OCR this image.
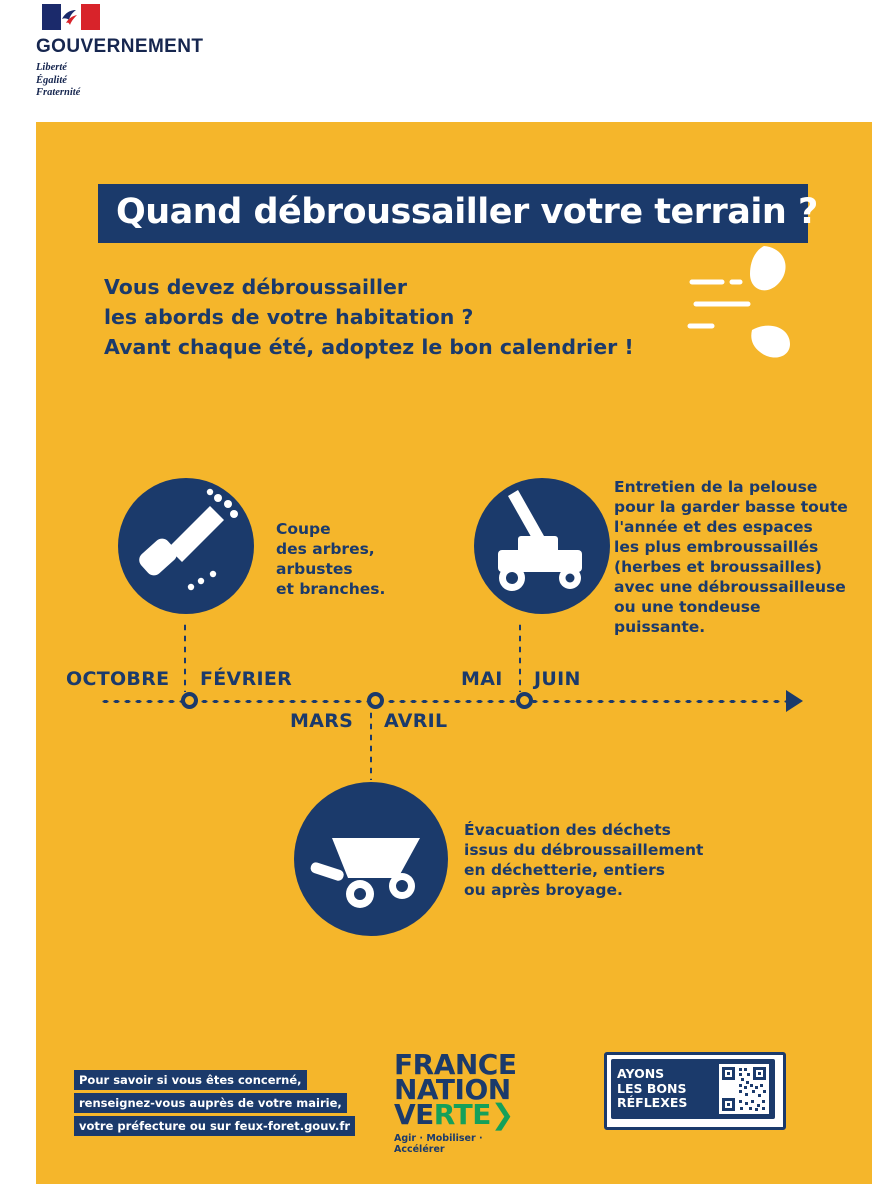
GOUVERNEMENT
Liberté
Égalité
Fraternité
Quand débroussailler votre terrain ?
Vous devez débroussailler
les abords de votre habitation ?
Avant chaque été, adoptez le bon calendrier !
Coupe
des arbres,
arbustes
et branches.
Entretien de la pelouse
pour la garder basse toute
l'année et des espaces
les plus embroussaillés
(herbes et broussailles)
avec une débroussailleuse
ou une tondeuse puissante.
OCTOBRE FÉVRIER	MAI JUIN
MARS AVRIL
Évacuation des déchets
issus du débroussaillement
en déchetterie, entiers
ou après broyage.
Pour savoir si vous êtes concerné,
renseignez-vous auprès de votre mairie,
votre préfecture ou sur feux-foret.gouv.fr
FRANCE
NATION
VERTE❯
Agir · Mobiliser · Accélérer
AYONS
LES BONS
RÉFLEXES
